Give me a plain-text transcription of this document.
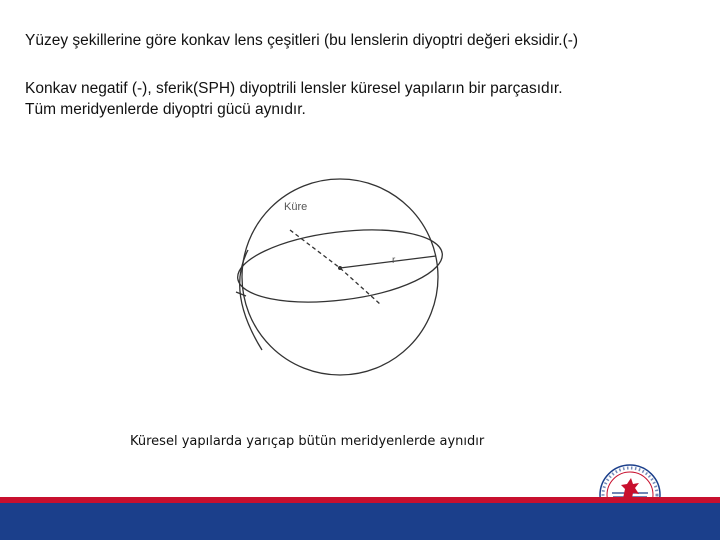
Yüzey şekillerine göre konkav lens çeşitleri (bu lenslerin diyoptri değeri eksidir.(-)

Konkav negatif (-), sferik(SPH) diyoptrili lensler küresel yapıların bir parçasıdır.
Tüm meridyenlerde diyoptri gücü aynıdır.

Küre
r
Küresel yapılarda yarıçap bütün meridyenlerde aynıdır
